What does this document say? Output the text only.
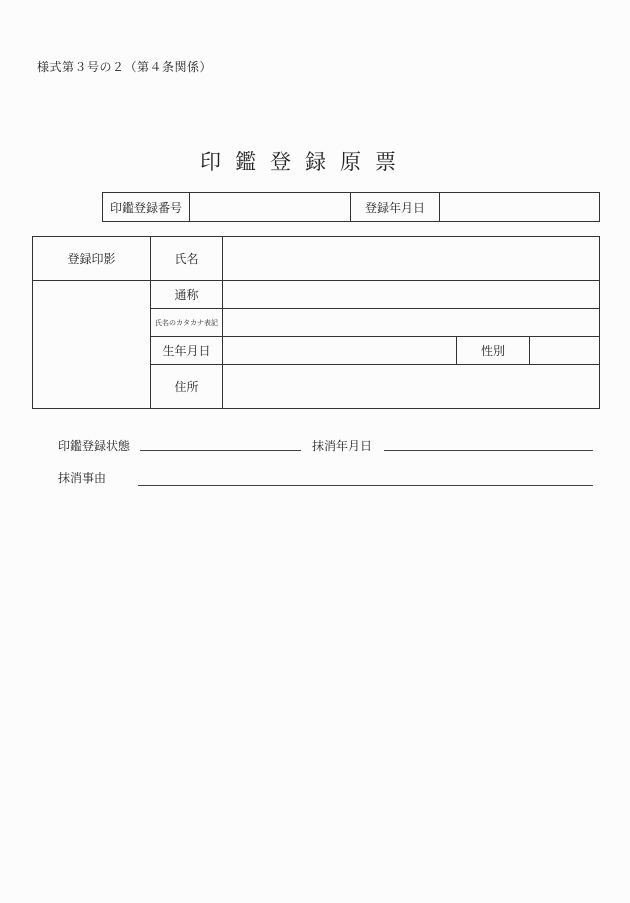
様式第３号の２（第４条関係）
印鑑登録原票
印鑑登録番号		登録年月日	
登録印影	氏名			
	通称			
	氏名のカタカナ表記			
	生年月日		性別	
	住所			
印鑑登録状態	抹消年月日
抹消事由
